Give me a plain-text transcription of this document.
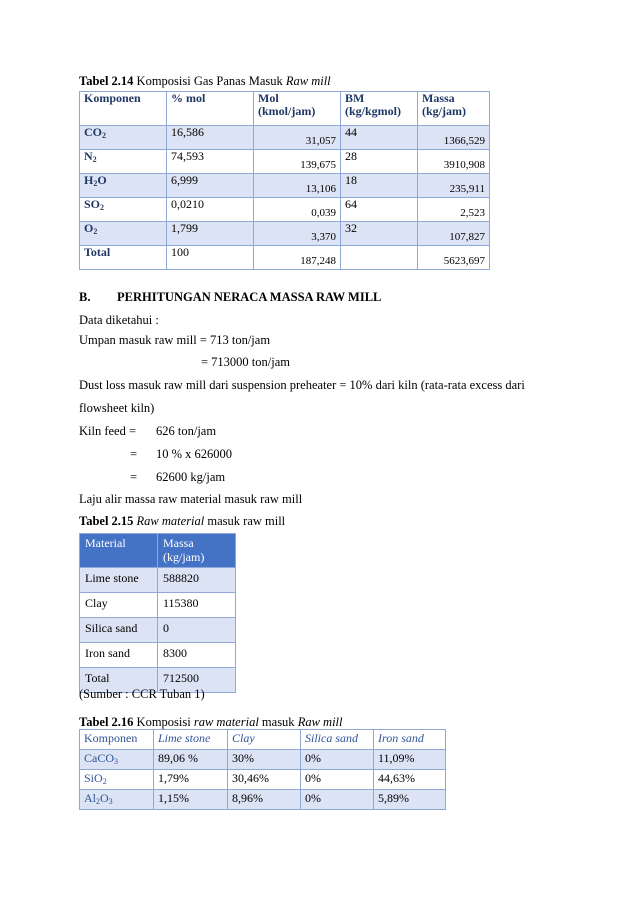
Tabel 2.14 Komposisi Gas Panas Masuk Raw mill
Komponen	% mol	Mol (kmol/jam)	BM (kg/kgmol)	Massa (kg/jam)
$CO_2$	16,586	31,057	44	1366,529
$N_2$	74,593	139,675	28	3910,908
$H_2O$	6,999	13,106	18	235,911
$SO_2$	0,0210	0,039	64	2,523
$O_2$	1,799	3,370	32	107,827
Total	100	187,248		5623,697
B. PERHITUNGAN NERACA MASSA RAW MILL
Data diketahui :
Umpan masuk raw mill = 713 ton/jam
= 713000 ton/jam
Dust loss masuk raw mill dari suspension preheater = 10% dari kiln (rata-rata excess dari
flowsheet kiln)
Kiln feed = 626 ton/jam
= 10 % x 626000
= 62600 kg/jam
Laju alir massa raw material masuk raw mill
Tabel 2.15 Raw material masuk raw mill
Material	Massa (kg/jam)
Lime stone	588820
Clay	115380
Silica sand	0
Iron sand	8300
Total	712500
(Sumber : CCR Tuban 1)
Tabel 2.16 Komposisi raw material masuk Raw mill
Komponen	Lime stone	Clay	Silica sand	Iron sand
CaCO$_3$	89,06 %	30%	0%	11,09%
SiO$_2$	1,79%	30,46%	0%	44,63%
$Al_2O_3$	1,15%	8,96%	0%	5,89%
